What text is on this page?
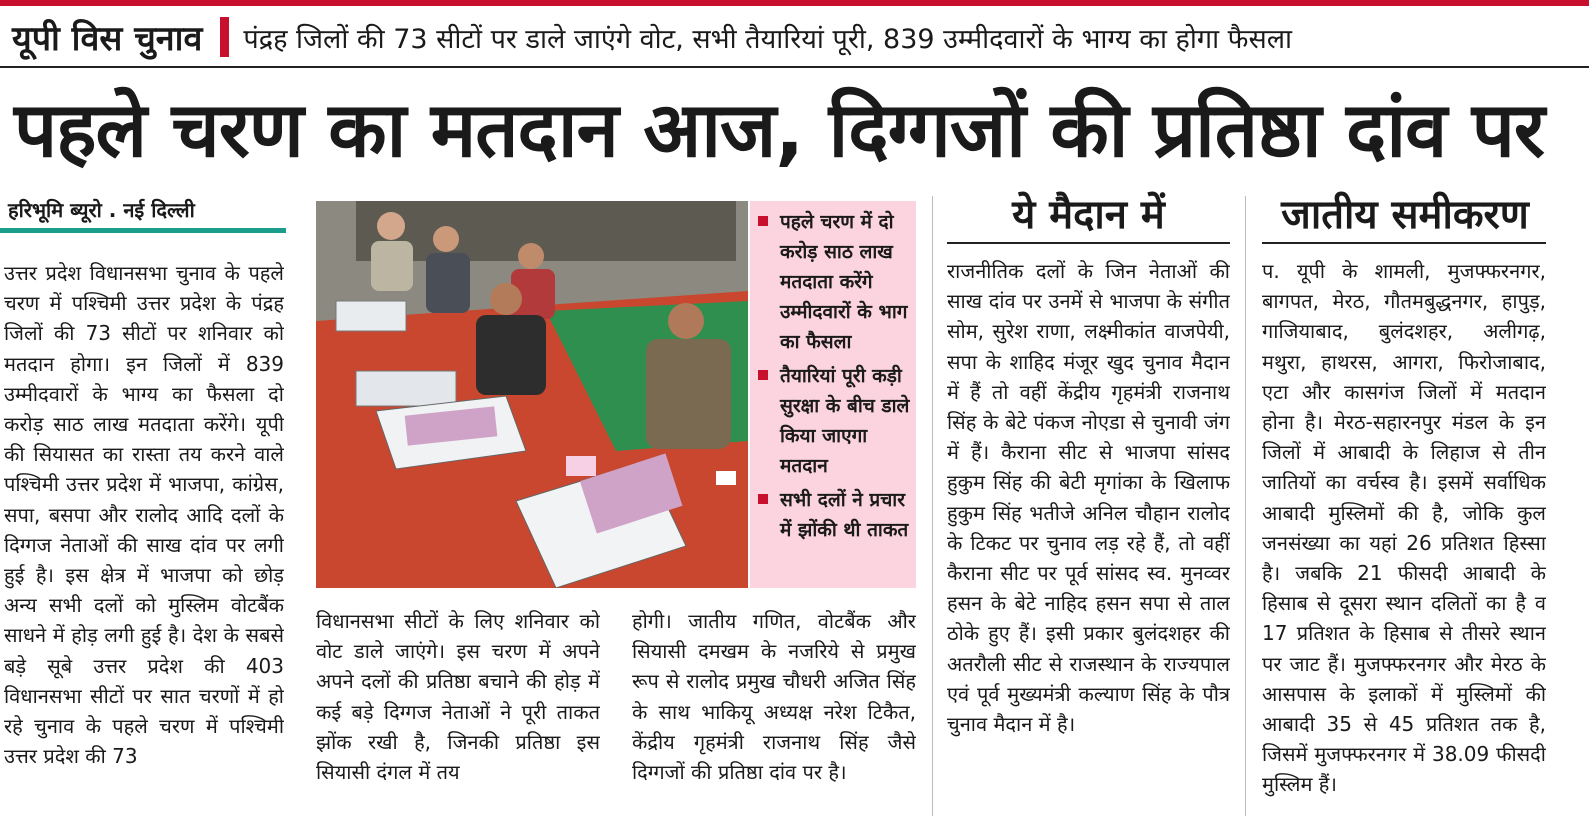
यूपी विस चुनाव पंद्रह जिलों की 73 सीटों पर डाले जाएंगे वोट, सभी तैयारियां पूरी, 839 उम्मीदवारों के भाग्य का होगा फैसला
पहले चरण का मतदान आज, दिग्गजों की प्रतिष्ठा दांव पर
हरिभूमि ब्यूरो . नई दिल्ली
उत्तर प्रदेश विधानसभा चुनाव के पहले चरण में पश्चिमी उत्तर प्रदेश के पंद्रह जिलों की 73 सीटों पर शनिवार को मतदान होगा। इन जिलों में 839 उम्मीदवारों के भाग्य का फैसला दो करोड़ साठ लाख मतदाता करेंगे। यूपी की सियासत का रास्ता तय करने वाले पश्चिमी उत्तर प्रदेश में भाजपा, कांग्रेस, सपा, बसपा और रालोद आदि दलों के दिग्गज नेताओं की साख दांव पर लगी हुई है। इस क्षेत्र में भाजपा को छोड़ अन्य सभी दलों को मुस्लिम वोटबैंक साधने में होड़ लगी हुई है। देश के सबसे बड़े सूबे उत्तर प्रदेश की 403 विधानसभा सीटों पर सात चरणों में हो रहे चुनाव के पहले चरण में पश्चिमी उत्तर प्रदेश की 73
पहले चरण में दो करोड़ साठ लाख मतदाता करेंगे उम्मीदवारों के भाग का फैसला
तैयारियां पूरी कड़ी सुरक्षा के बीच डाले किया जाएगा मतदान
सभी दलों ने प्रचार में झोंकी थी ताकत
विधानसभा सीटों के लिए शनिवार को वोट डाले जाएंगे। इस चरण में अपने अपने दलों की प्रतिष्ठा बचाने की होड़ में कई बड़े दिग्गज नेताओं ने पूरी ताकत झोंक रखी है, जिनकी प्रतिष्ठा इस सियासी दंगल में तय
होगी। जातीय गणित, वोटबैंक और सियासी दमखम के नजरिये से प्रमुख रूप से रालोद प्रमुख चौधरी अजित सिंह के साथ भाकियू अध्यक्ष नरेश टिकैत, केंद्रीय गृहमंत्री राजनाथ सिंह जैसे दिग्गजों की प्रतिष्ठा दांव पर है।
ये मैदान में
राजनीतिक दलों के जिन नेताओं की साख दांव पर उनमें से भाजपा के संगीत सोम, सुरेश राणा, लक्ष्मीकांत वाजपेयी, सपा के शाहिद मंजूर खुद चुनाव मैदान में हैं तो वहीं केंद्रीय गृहमंत्री राजनाथ सिंह के बेटे पंकज नोएडा से चुनावी जंग में हैं। कैराना सीट से भाजपा सांसद हुकुम सिंह की बेटी मृगांका के खिलाफ हुकुम सिंह भतीजे अनिल चौहान रालोद के टिकट पर चुनाव लड़ रहे हैं, तो वहीं कैराना सीट पर पूर्व सांसद स्व. मुनव्वर हसन के बेटे नाहिद हसन सपा से ताल ठोके हुए हैं। इसी प्रकार बुलंदशहर की अतरौली सीट से राजस्थान के राज्यपाल एवं पूर्व मुख्यमंत्री कल्याण सिंह के पौत्र चुनाव मैदान में है।
जातीय समीकरण
प. यूपी के शामली, मुजफ्फरनगर, बागपत, मेरठ, गौतमबुद्धनगर, हापुड़, गाजियाबाद, बुलंदशहर, अलीगढ़, मथुरा, हाथरस, आगरा, फिरोजाबाद, एटा और कासगंज जिलों में मतदान होना है। मेरठ-सहारनपुर मंडल के इन जिलों में आबादी के लिहाज से तीन जातियों का वर्चस्व है। इसमें सर्वाधिक आबादी मुस्लिमों की है, जोकि कुल जनसंख्या का यहां 26 प्रतिशत हिस्सा है। जबकि 21 फीसदी आबादी के हिसाब से दूसरा स्थान दलितों का है व 17 प्रतिशत के हिसाब से तीसरे स्थान पर जाट हैं। मुजफ्फरनगर और मेरठ के आसपास के इलाकों में मुस्लिमों की आबादी 35 से 45 प्रतिशत तक है, जिसमें मुजफ्फरनगर में 38.09 फीसदी मुस्लिम हैं।
